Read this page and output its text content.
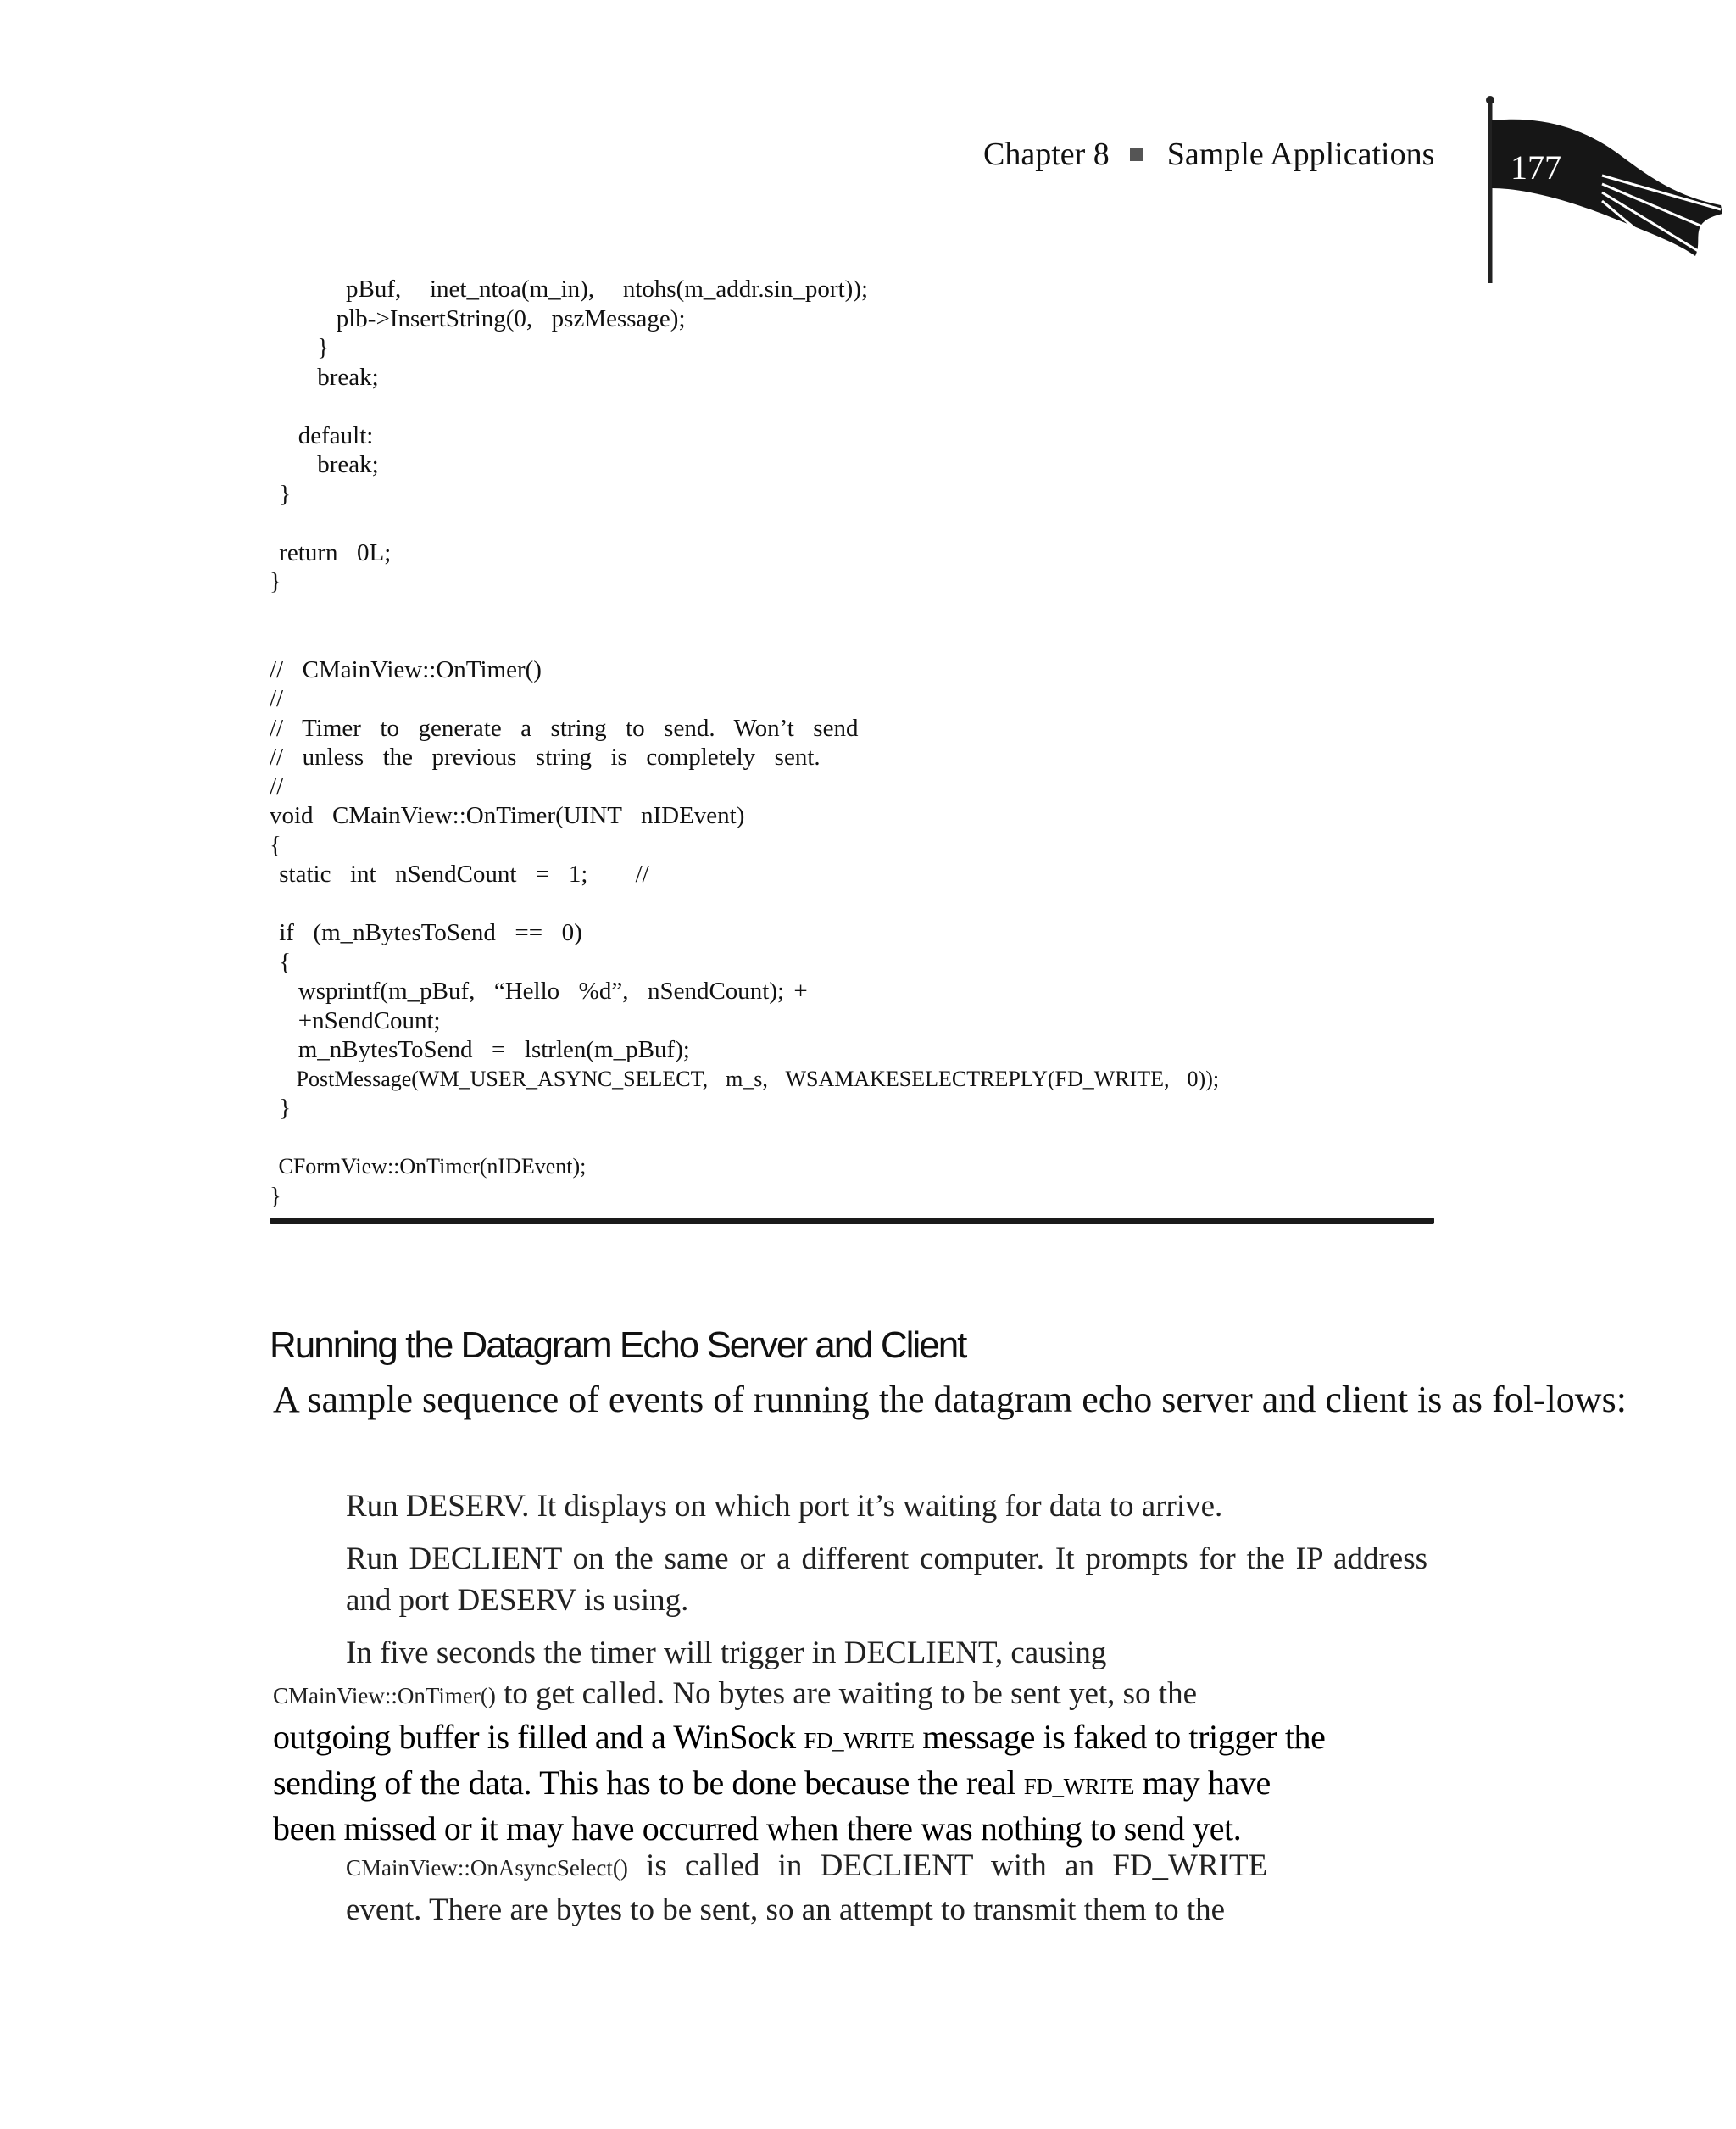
Chapter 8 Sample Applications 177
pBuf,   inet_ntoa(m_in),   ntohs(m_addr.sin_port));
plb->InsertString(0,  pszMessage);
}
break;
default:
break;
}
return  0L;
}
//  CMainView::OnTimer()
//
//  Timer  to  generate  a  string  to  send.  Won’t  send
//  unless  the  previous  string  is  completely  sent.
//
void  CMainView::OnTimer(UINT  nIDEvent)
{
static  int  nSendCount  =  1;     //
if  (m_nBytesToSend  ==  0)
{
wsprintf(m_pBuf,  “Hello  %d”,  nSendCount); +
+nSendCount;
m_nBytesToSend  =  lstrlen(m_pBuf);
PostMessage(WM_USER_ASYNC_SELECT,  m_s,  WSAMAKESELECTREPLY(FD_WRITE,  0));
}
CFormView::OnTimer(nIDEvent);
}
Running the Datagram Echo Server and Client

A sample sequence of events of running the datagram echo server and client is as fol-lows:

Run DESERV. It displays on which port it’s waiting for data to arrive.

Run DECLIENT on the same or a different computer. It prompts for the IP address and port DESERV is using.

In five seconds the timer will trigger in DECLIENT, causing
CMainView::OnTimer() to get called. No bytes are waiting to be sent yet, so the
outgoing buffer is filled and a WinSock FD_WRITE message is faked to trigger the
sending of the data. This has to be done because the real FD_WRITE may have
been missed or it may have occurred when there was nothing to send yet.
CMainView::OnAsyncSelect() is called in DECLIENT with an FD_WRITE
event. There are bytes to be sent, so an attempt to transmit them to the
